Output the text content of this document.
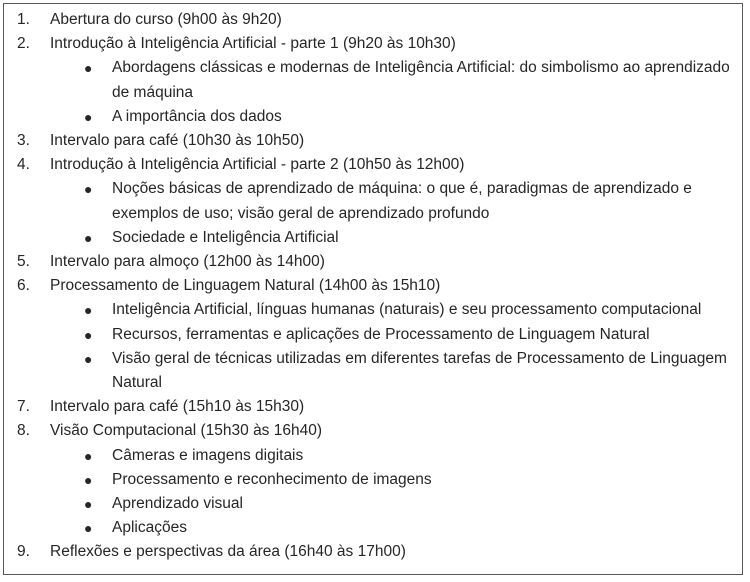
1. Abertura do curso (9h00 às 9h20)
2. Introdução à Inteligência Artificial - parte 1 (9h20 às 10h30)
● Abordagens clássicas e modernas de Inteligência Artificial: do simbolismo ao aprendizado de máquina
● A importância dos dados
3. Intervalo para café (10h30 às 10h50)
4. Introdução à Inteligência Artificial - parte 2 (10h50 às 12h00)
● Noções básicas de aprendizado de máquina: o que é, paradigmas de aprendizado e exemplos de uso; visão geral de aprendizado profundo
● Sociedade e Inteligência Artificial
5. Intervalo para almoço (12h00 às 14h00)
6. Processamento de Linguagem Natural (14h00 às 15h10)
● Inteligência Artificial, línguas humanas (naturais) e seu processamento computacional
● Recursos, ferramentas e aplicações de Processamento de Linguagem Natural
● Visão geral de técnicas utilizadas em diferentes tarefas de Processamento de Linguagem Natural
7. Intervalo para café (15h10 às 15h30)
8. Visão Computacional (15h30 às 16h40)
● Câmeras e imagens digitais
● Processamento e reconhecimento de imagens
● Aprendizado visual
● Aplicações
9. Reflexões e perspectivas da área (16h40 às 17h00)
